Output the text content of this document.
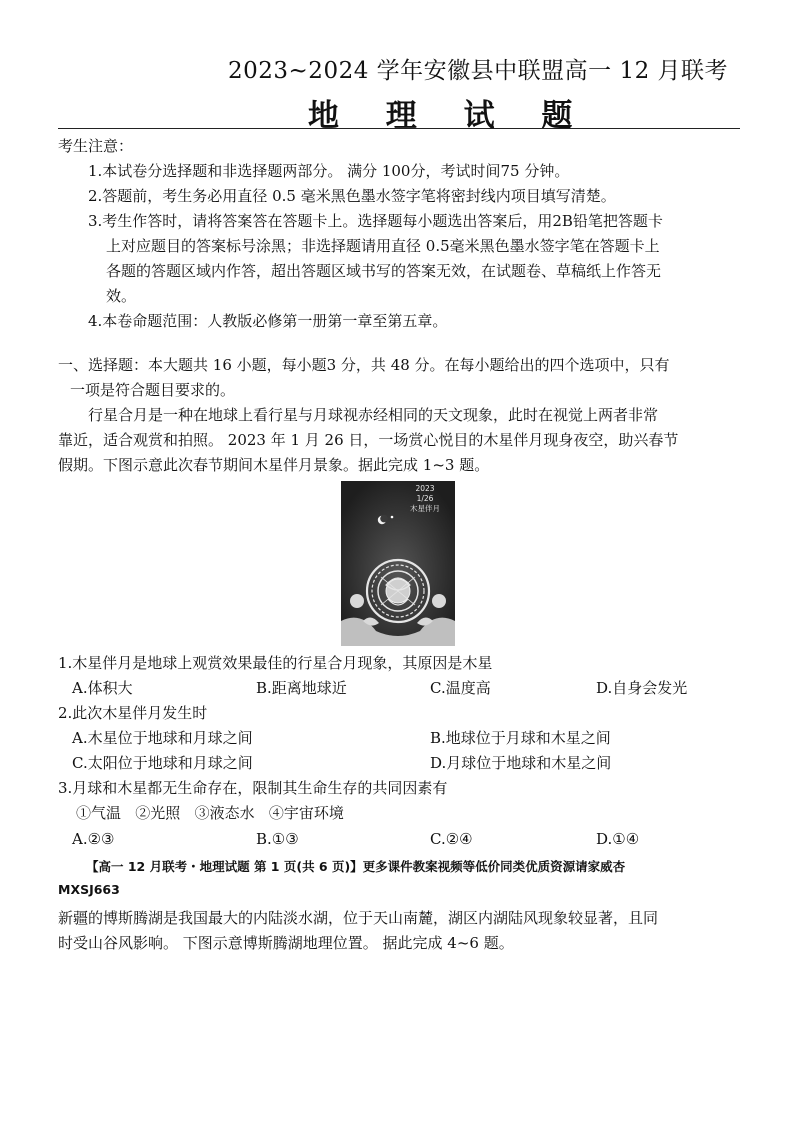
2023~2024 学年安徽县中联盟高一 12 月联考
地 理 试 题
考生注意：
1.本试卷分选择题和非选择题两部分。 满分 100分，考试时间75 分钟。
2.答题前，考生务必用直径 0.5 毫米黑色墨水签字笔将密封线内项目填写清楚。
3.考生作答时，请将答案答在答题卡上。选择题每小题选出答案后，用2B铅笔把答题卡
上对应题目的答案标号涂黑；非选择题请用直径 0.5毫米黑色墨水签字笔在答题卡上
各题的答题区域内作答，超出答题区域书写的答案无效，在试题卷、草稿纸上作答无
效。
4.本卷命题范围：人教版必修第一册第一章至第五章。
一、选择题：本大题共 16 小题，每小题3 分，共 48 分。在每小题给出的四个选项中，只有
一项是符合题目要求的。
行星合月是一种在地球上看行星与月球视赤经相同的天文现象，此时在视觉上两者非常
靠近，适合观赏和拍照。 2023 年 1 月 26 日，一场赏心悦目的木星伴月现身夜空，助兴春节
假期。下图示意此次春节期间木星伴月景象。据此完成 1~3 题。
2023
1/26
木星伴月
1.木星伴月是地球上观赏效果最佳的行星合月现象，其原因是木星
A.体积大	B.距离地球近	C.温度高	D.自身会发光
2.此次木星伴月发生时
A.木星位于地球和月球之间	B.地球位于月球和木星之间
C.太阳位于地球和月球之间	D.月球位于地球和木星之间
3.月球和木星都无生命存在，限制其生命生存的共同因素有
①气温   ②光照   ③液态水   ④宇宙环境
A.②③	B.①③	C.②④	D.①④
【高一 12 月联考・地理试题 第 1 页(共 6 页)】更多课件教案视频等低价同类优质资源请家威杏
MXSJ663
新疆的博斯腾湖是我国最大的内陆淡水湖，位于天山南麓，湖区内湖陆风现象较显著，且同
时受山谷风影响。 下图示意博斯腾湖地理位置。 据此完成 4~6 题。
